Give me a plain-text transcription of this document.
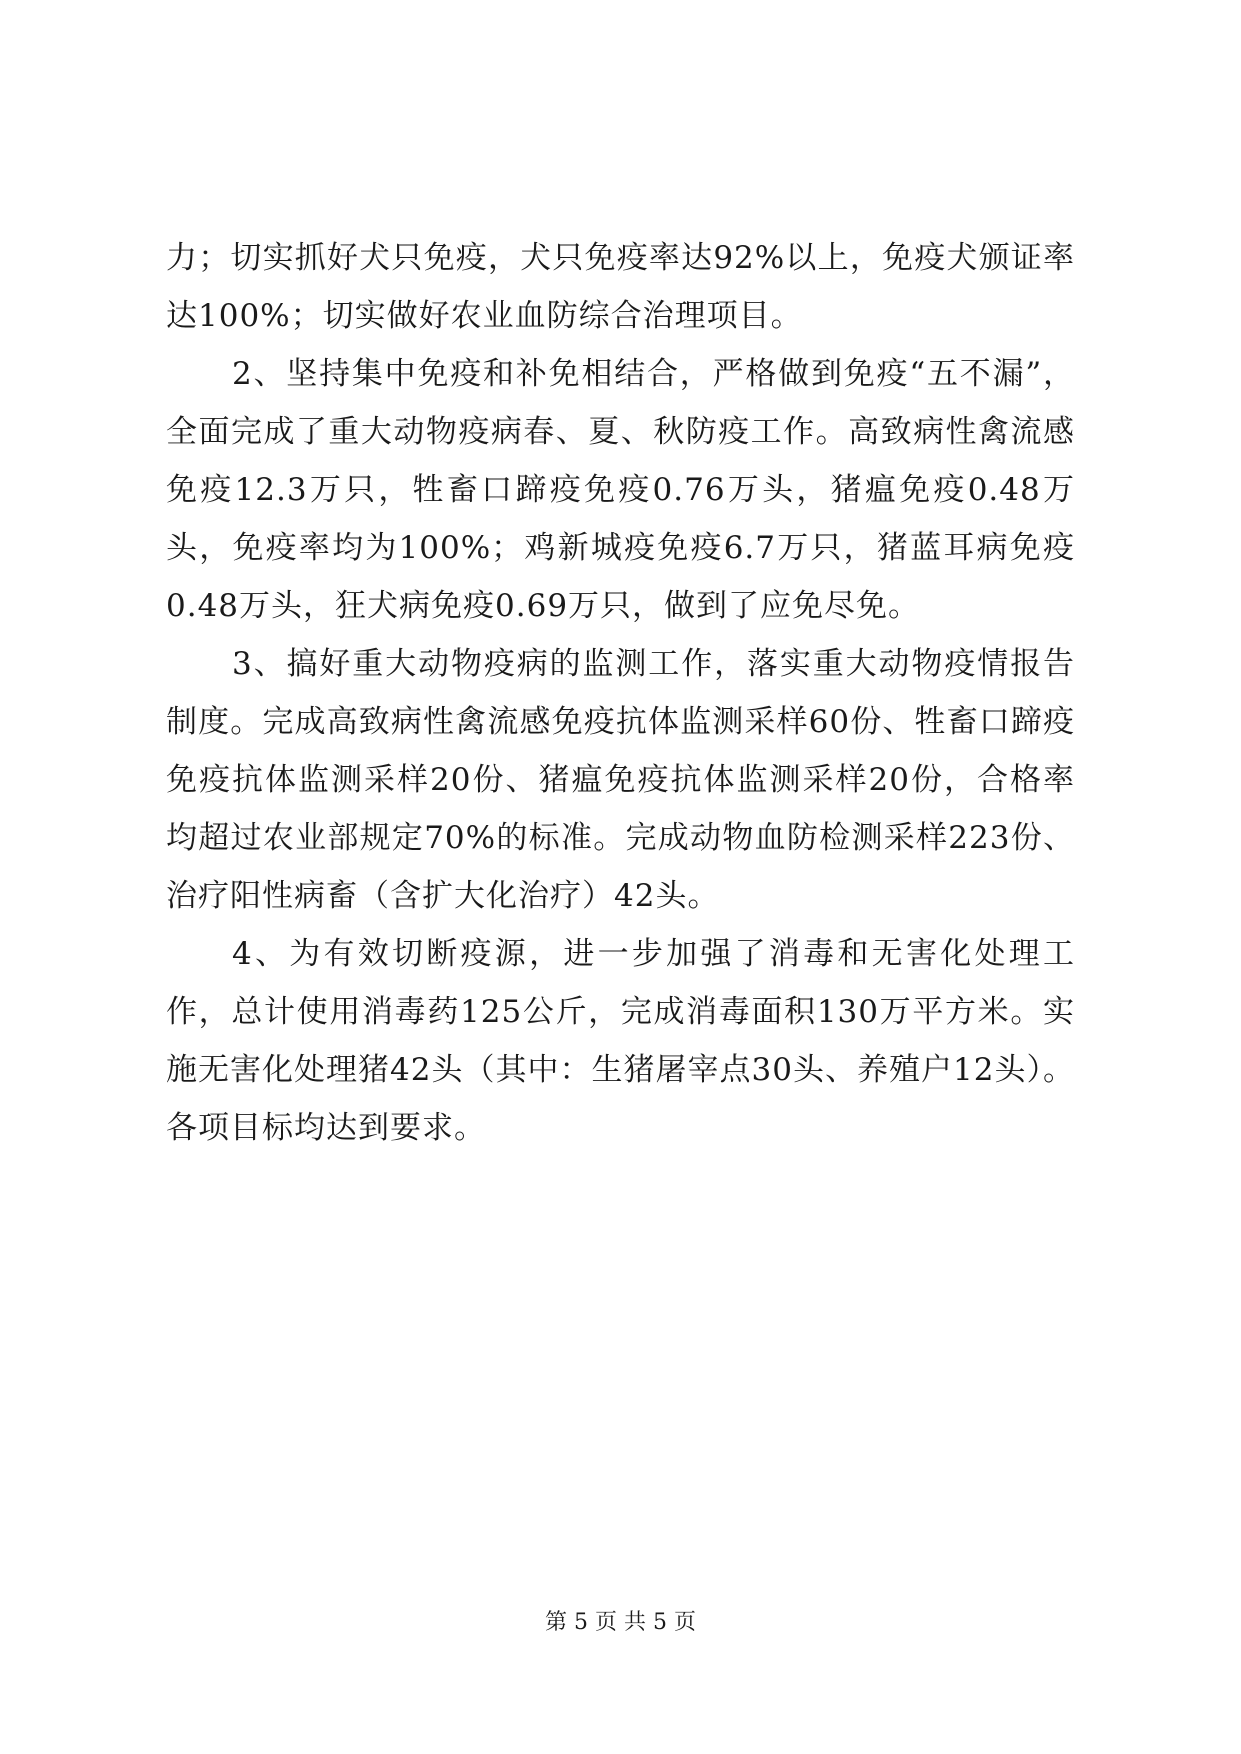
力；切实抓好犬只免疫，犬只免疫率达92%以上，免疫犬颁证率达100%；切实做好农业血防综合治理项目。

2、坚持集中免疫和补免相结合，严格做到免疫“五不漏”，全面完成了重大动物疫病春、夏、秋防疫工作。高致病性禽流感免疫12.3万只，牲畜口蹄疫免疫0.76万头，猪瘟免疫0.48万头，免疫率均为100%；鸡新城疫免疫6.7万只，猪蓝耳病免疫0.48万头，狂犬病免疫0.69万只，做到了应免尽免。

3、搞好重大动物疫病的监测工作，落实重大动物疫情报告制度。完成高致病性禽流感免疫抗体监测采样60份、牲畜口蹄疫免疫抗体监测采样20份、猪瘟免疫抗体监测采样20份，合格率均超过农业部规定70%的标准。完成动物血防检测采样223份、治疗阳性病畜（含扩大化治疗）42头。

4、为有效切断疫源，进一步加强了消毒和无害化处理工作，总计使用消毒药125公斤，完成消毒面积130万平方米。实施无害化处理猪42头（其中：生猪屠宰点30头、养殖户12头）。各项目标均达到要求。

第 5 页 共 5 页
